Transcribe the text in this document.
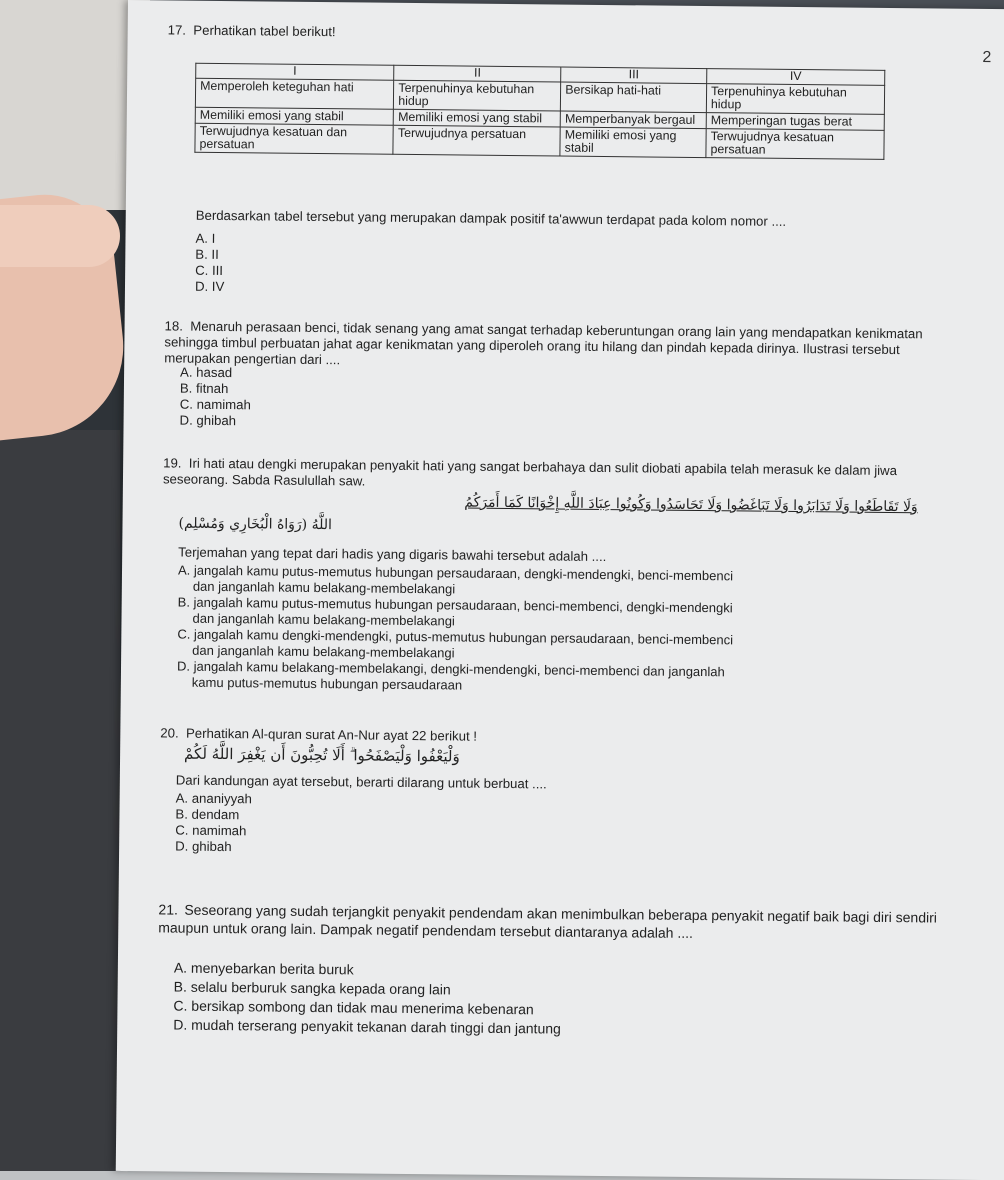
2
17. Perhatikan tabel berikut!
I	II	III	IV
Memperoleh keteguhan hati	Terpenuhinya kebutuhan hidup	Bersikap hati-hati	Terpenuhinya kebutuhan hidup
Memiliki emosi yang stabil	Memiliki emosi yang stabil	Memperbanyak bergaul	Memperingan tugas berat
Terwujudnya kesatuan dan persatuan	Terwujudnya persatuan	Memiliki emosi yang stabil	Terwujudnya kesatuan persatuan
Berdasarkan tabel tersebut yang merupakan dampak positif ta'awwun terdapat pada kolom nomor ....
A. I
B. II
C. III
D. IV
18. Menaruh perasaan benci, tidak senang yang amat sangat terhadap keberuntungan orang lain yang mendapatkan kenikmatan sehingga timbul perbuatan jahat agar kenikmatan yang diperoleh orang itu hilang dan pindah kepada dirinya. Ilustrasi tersebut merupakan pengertian dari ....
A. hasad
B. fitnah
C. namimah
D. ghibah
19. Iri hati atau dengki merupakan penyakit hati yang sangat berbahaya dan sulit diobati apabila telah merasuk ke dalam jiwa seseorang. Sabda Rasulullah saw.
وَلَا تَقَاطَعُوا وَلَا تَدَابَرُوا وَلَا تَبَاغَضُوا وَلَا تَحَاسَدُوا وَكُونُوا عِبَادَ اللَّهِ إِخْوَانًا كَمَا أَمَرَكُمُ
اللَّهُ (رَوَاهُ الْبُخَارِي وَمُسْلِم)
Terjemahan yang tepat dari hadis yang digaris bawahi tersebut adalah ....
A. jangalah kamu putus-memutus hubungan persaudaraan, dengki-mendengki, benci-membenci
dan janganlah kamu belakang-membelakangi
B. jangalah kamu putus-memutus hubungan persaudaraan, benci-membenci, dengki-mendengki
dan janganlah kamu belakang-membelakangi
C. jangalah kamu dengki-mendengki, putus-memutus hubungan persaudaraan, benci-membenci
dan janganlah kamu belakang-membelakangi
D. jangalah kamu belakang-membelakangi, dengki-mendengki, benci-membenci dan janganlah
kamu putus-memutus hubungan persaudaraan
20. Perhatikan Al-quran surat An-Nur ayat 22 berikut !
وَلْيَعْفُوا وَلْيَصْفَحُوا ۗ أَلَا تُحِبُّونَ أَن يَغْفِرَ اللَّهُ لَكُمْ
Dari kandungan ayat tersebut, berarti dilarang untuk berbuat ....
A. ananiyyah
B. dendam
C. namimah
D. ghibah
21. Seseorang yang sudah terjangkit penyakit pendendam akan menimbulkan beberapa penyakit negatif baik bagi diri sendiri maupun untuk orang lain. Dampak negatif pendendam tersebut diantaranya adalah ....
A. menyebarkan berita buruk
B. selalu berburuk sangka kepada orang lain
C. bersikap sombong dan tidak mau menerima kebenaran
D. mudah terserang penyakit tekanan darah tinggi dan jantung
